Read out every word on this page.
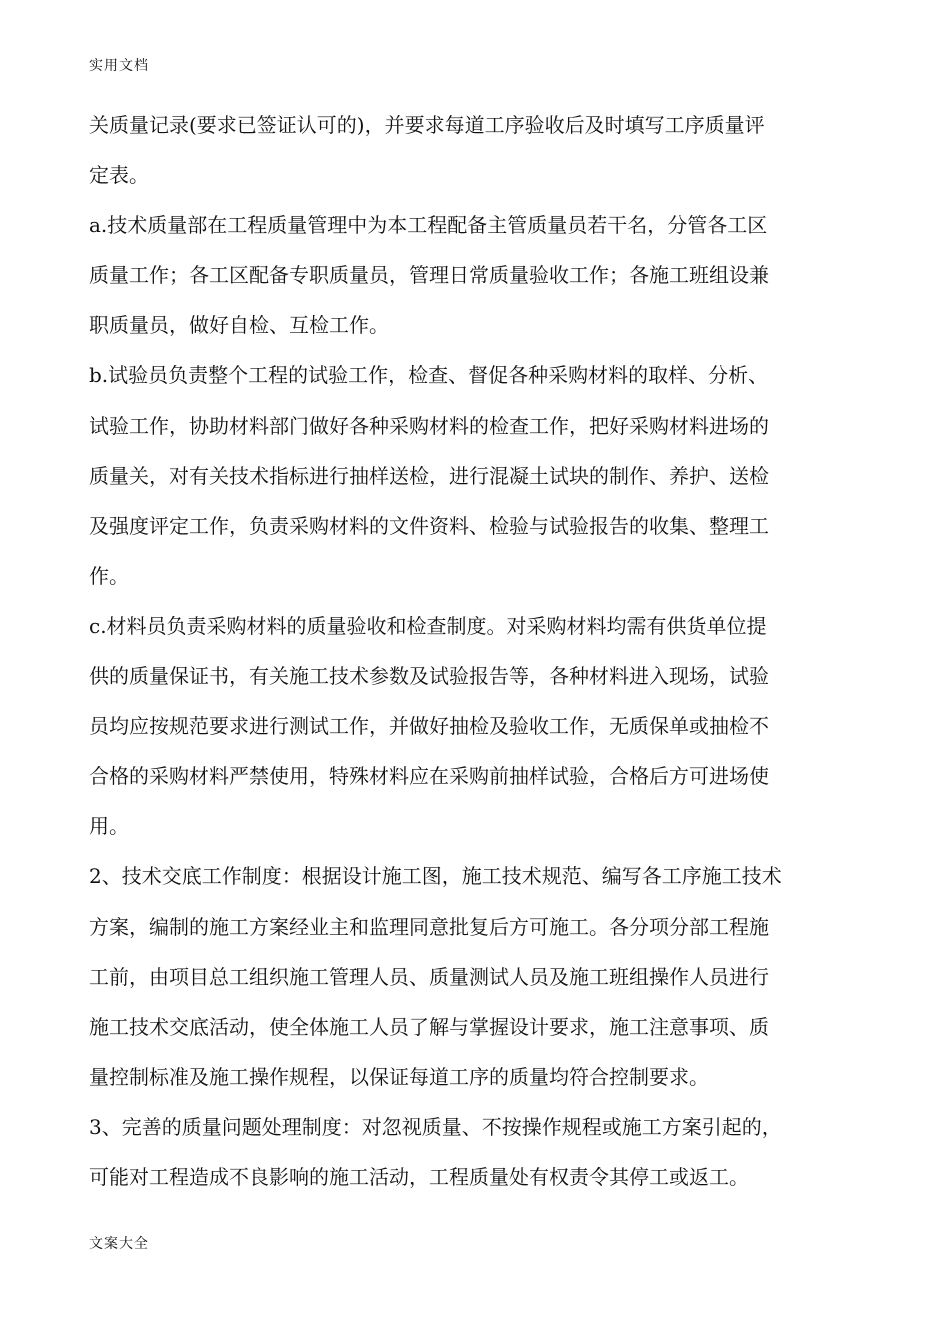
实用文档
关质量记录(要求已签证认可的)，并要求每道工序验收后及时填写工序质量评
定表。
a.技术质量部在工程质量管理中为本工程配备主管质量员若干名，分管各工区
质量工作；各工区配备专职质量员，管理日常质量验收工作；各施工班组设兼
职质量员，做好自检、互检工作。
b.试验员负责整个工程的试验工作，检查、督促各种采购材料的取样、分析、
试验工作，协助材料部门做好各种采购材料的检查工作，把好采购材料进场的
质量关，对有关技术指标进行抽样送检，进行混凝土试块的制作、养护、送检
及强度评定工作，负责采购材料的文件资料、检验与试验报告的收集、整理工
作。
c.材料员负责采购材料的质量验收和检查制度。对采购材料均需有供货单位提
供的质量保证书，有关施工技术参数及试验报告等，各种材料进入现场，试验
员均应按规范要求进行测试工作，并做好抽检及验收工作，无质保单或抽检不
合格的采购材料严禁使用，特殊材料应在采购前抽样试验，合格后方可进场使
用。
2、技术交底工作制度：根据设计施工图，施工技术规范、编写各工序施工技术
方案，编制的施工方案经业主和监理同意批复后方可施工。各分项分部工程施
工前，由项目总工组织施工管理人员、质量测试人员及施工班组操作人员进行
施工技术交底活动，使全体施工人员了解与掌握设计要求，施工注意事项、质
量控制标准及施工操作规程，以保证每道工序的质量均符合控制要求。
3、完善的质量问题处理制度：对忽视质量、不按操作规程或施工方案引起的，
可能对工程造成不良影响的施工活动，工程质量处有权责令其停工或返工。
文案大全
